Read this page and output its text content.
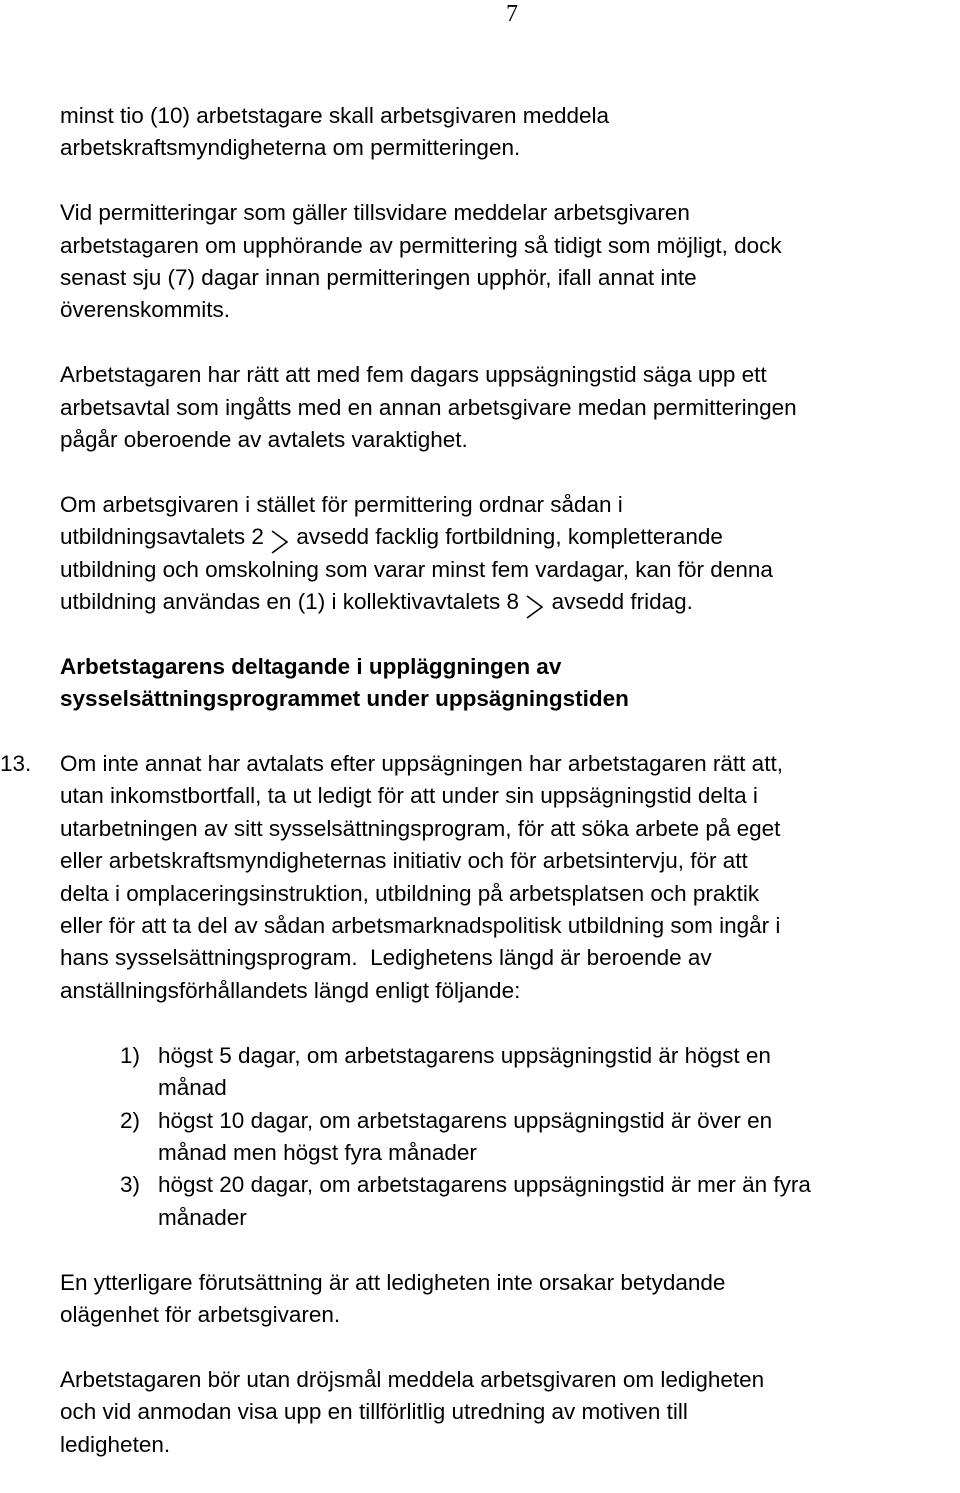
7

minst tio (10) arbetstagare skall arbetsgivaren meddela
arbetskraftsmyndigheterna om permitteringen.

Vid permitteringar som gäller tillsvidare meddelar arbetsgivaren
arbetstagaren om upphörande av permittering så tidigt som möjligt, dock
senast sju (7) dagar innan permitteringen upphör, ifall annat inte
överenskommits.

Arbetstagaren har rätt att med fem dagars uppsägningstid säga upp ett
arbetsavtal som ingåtts med en annan arbetsgivare medan permitteringen
pågår oberoende av avtalets varaktighet.

Om arbetsgivaren i stället för permittering ordnar sådan i
utbildningsavtalets 2 avsedd facklig fortbildning, kompletterande
utbildning och omskolning som varar minst fem vardagar, kan för denna
utbildning användas en (1) i kollektivavtalets 8 avsedd fridag.

Arbetstagarens deltagande i uppläggningen av
sysselsättningsprogrammet under uppsägningstiden
13. Om inte annat har avtalats efter uppsägningen har arbetstagaren rätt att,
utan inkomstbortfall, ta ut ledigt för att under sin uppsägningstid delta i
utarbetningen av sitt sysselsättningsprogram, för att söka arbete på eget
eller arbetskraftsmyndigheternas initiativ och för arbetsintervju, för att
delta i omplaceringsinstruktion, utbildning på arbetsplatsen och praktik
eller för att ta del av sådan arbetsmarknadspolitisk utbildning som ingår i
hans sysselsättningsprogram.  Ledighetens längd är beroende av
anställningsförhållandets längd enligt följande:
1) högst 5 dagar, om arbetstagarens uppsägningstid är högst en
månad
2) högst 10 dagar, om arbetstagarens uppsägningstid är över en
månad men högst fyra månader
3) högst 20 dagar, om arbetstagarens uppsägningstid är mer än fyra
månader

En ytterligare förutsättning är att ledigheten inte orsakar betydande
olägenhet för arbetsgivaren.

Arbetstagaren bör utan dröjsmål meddela arbetsgivaren om ledigheten
och vid anmodan visa upp en tillförlitlig utredning av motiven till
ledigheten.
